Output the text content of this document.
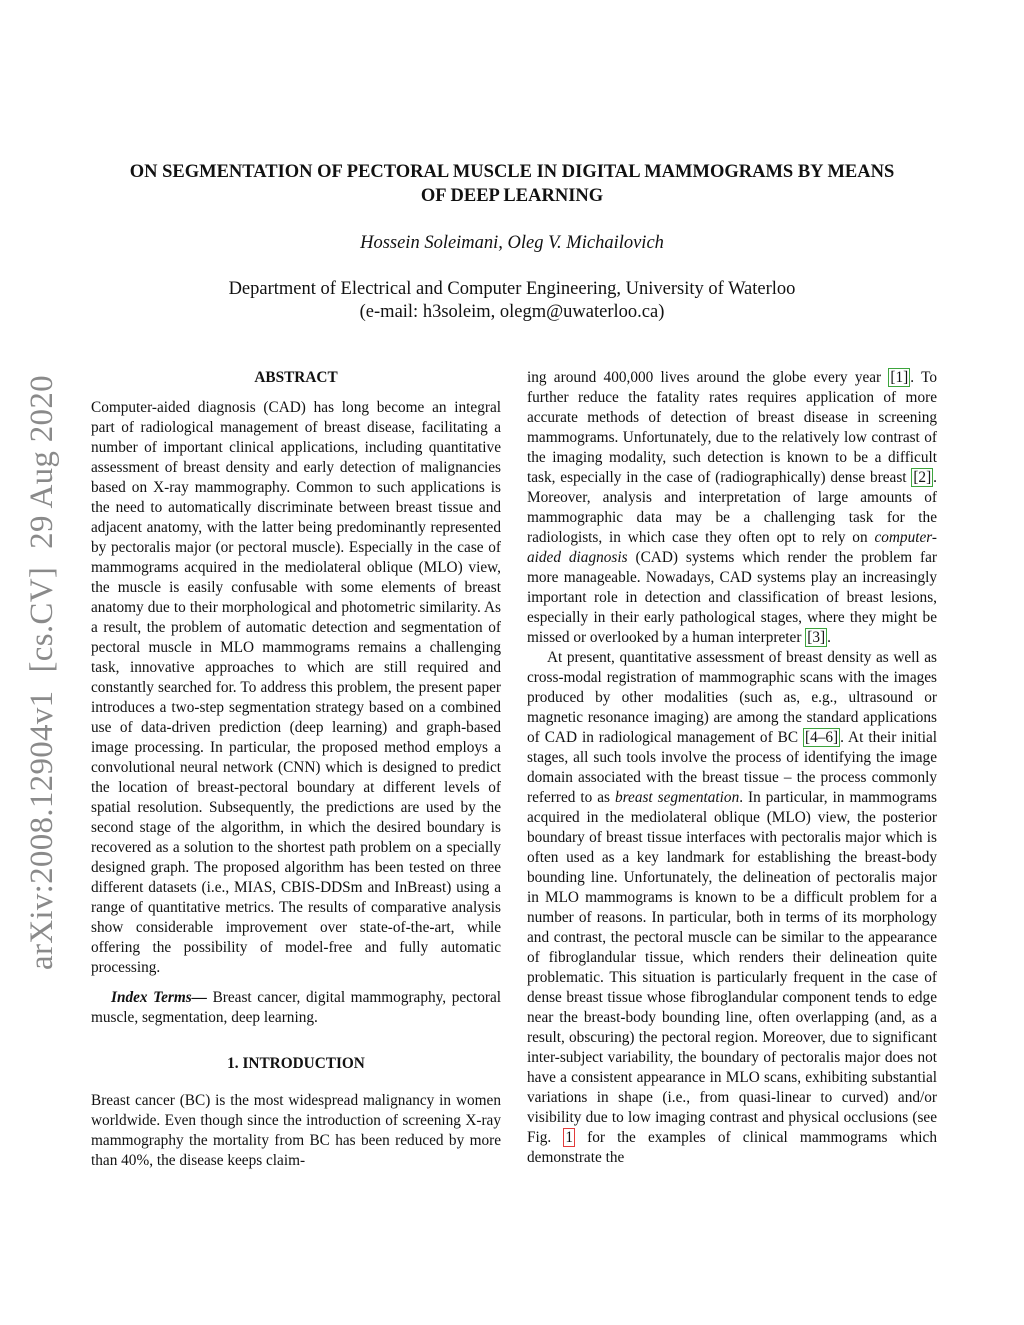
arXiv:2008.12904v1[cs.CV]29 Aug 2020
ON SEGMENTATION OF PECTORAL MUSCLE IN DIGITAL MAMMOGRAMS BY MEANS
OF DEEP LEARNING
Hossein Soleimani, Oleg V. Michailovich
Department of Electrical and Computer Engineering, University of Waterloo
(e-mail: h3soleim, olegm@uwaterloo.ca)
ABSTRACT

Computer-aided diagnosis (CAD) has long become an integral part of radiological management of breast disease, facilitating a number of important clinical applications, including quantitative assessment of breast density and early detection of malignancies based on X-ray mammography. Common to such applications is the need to automatically discriminate between breast tissue and adjacent anatomy, with the latter being predominantly represented by pectoralis major (or pectoral muscle). Especially in the case of mammograms acquired in the mediolateral oblique (MLO) view, the muscle is easily confusable with some elements of breast anatomy due to their morphological and photometric similarity. As a result, the problem of automatic detection and segmentation of pectoral muscle in MLO mammograms remains a challenging task, innovative approaches to which are still required and constantly searched for. To address this problem, the present paper introduces a two-step segmentation strategy based on a combined use of data-driven prediction (deep learning) and graph-based image processing. In particular, the proposed method employs a convolutional neural network (CNN) which is designed to predict the location of breast-pectoral boundary at different levels of spatial resolution. Subsequently, the predictions are used by the second stage of the algorithm, in which the desired boundary is recovered as a solution to the shortest path problem on a specially designed graph. The proposed algorithm has been tested on three different datasets (i.e., MIAS, CBIS-DDSm and InBreast) using a range of quantitative metrics. The results of comparative analysis show considerable improvement over state-of-the-art, while offering the possibility of model-free and fully automatic processing.

Index Terms— Breast cancer, digital mammography, pectoral muscle, segmentation, deep learning.

1. INTRODUCTION

Breast cancer (BC) is the most widespread malignancy in women worldwide. Even though since the introduction of screening X-ray mammography the mortality from BC has been reduced by more than 40%, the disease keeps claim-

ing around 400,000 lives around the globe every year [1] . To further reduce the fatality rates requires application of more accurate methods of detection of breast disease in screening mammograms. Unfortunately, due to the relatively low contrast of the imaging modality, such detection is known to be a difficult task, especially in the case of (radiographically) dense breast [2] . Moreover, analysis and interpretation of large amounts of mammographic data may be a challenging task for the radiologists, in which case they often opt to rely on computer-aided diagnosis (CAD) systems which render the problem far more manageable. Nowadays, CAD systems play an increasingly important role in detection and classification of breast lesions, especially in their early pathological stages, where they might be missed or overlooked by a human interpreter [3] .

At present, quantitative assessment of breast density as well as cross-modal registration of mammographic scans with the images produced by other modalities (such as, e.g., ultrasound or magnetic resonance imaging) are among the standard applications of CAD in radiological management of BC [4–6] . At their initial stages, all such tools involve the process of identifying the image domain associated with the breast tissue – the process commonly referred to as breast segmentation. In particular, in mammograms acquired in the mediolateral oblique (MLO) view, the posterior boundary of breast tissue interfaces with pectoralis major which is often used as a key landmark for establishing the breast-body bounding line. Unfortunately, the delineation of pectoralis major in MLO mammograms is known to be a difficult problem for a number of reasons. In particular, both in terms of its morphology and contrast, the pectoral muscle can be similar to the appearance of fibroglandular tissue, which renders their delineation quite problematic. This situation is particularly frequent in the case of dense breast tissue whose fibroglandular component tends to edge near the breast-body bounding line, often overlapping (and, as a result, obscuring) the pectoral region. Moreover, due to significant inter-subject variability, the boundary of pectoralis major does not have a consistent appearance in MLO scans, exhibiting substantial variations in shape (i.e., from quasi-linear to curved) and/or visibility due to low imaging contrast and physical occlusions (see Fig. 1 for the examples of clinical mammograms which demonstrate the
